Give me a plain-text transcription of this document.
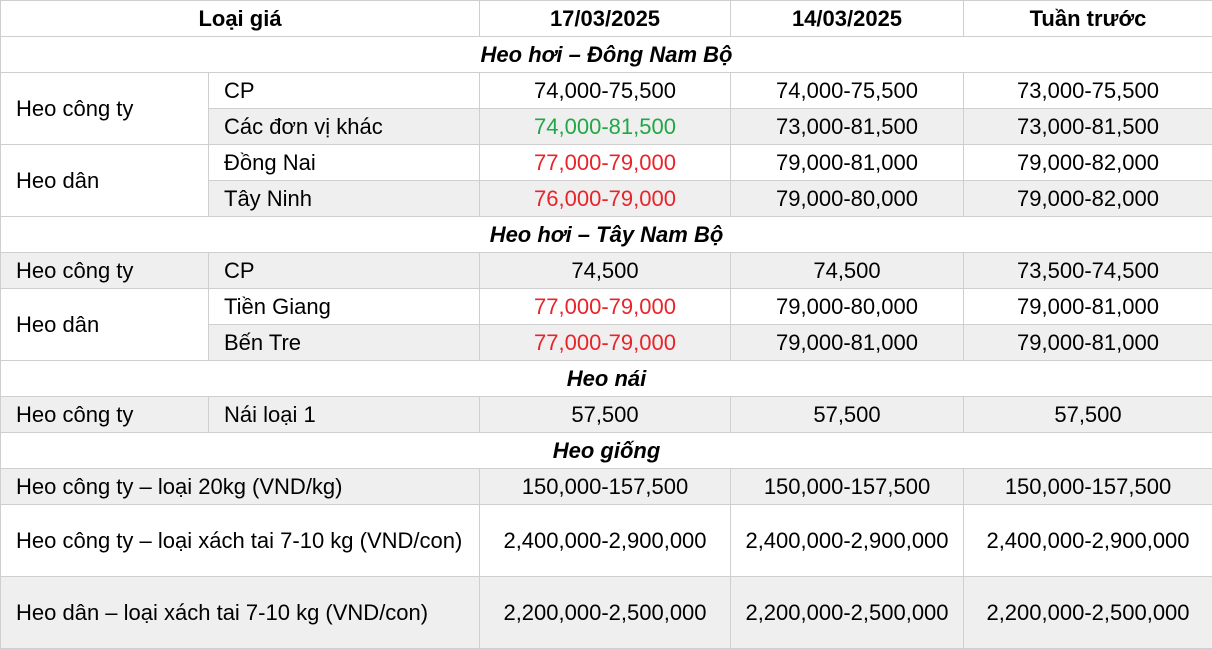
Loại giá		17/03/2025	14/03/2025	Tuần trước
Heo hơi – Đông Nam Bộ				
Heo công ty	CP	74,000-75,500	74,000-75,500	73,000-75,500
	Các đơn vị khác	74,000-81,500	73,000-81,500	73,000-81,500
Heo dân	Đồng Nai	77,000-79,000	79,000-81,000	79,000-82,000
	Tây Ninh	76,000-79,000	79,000-80,000	79,000-82,000
Heo hơi – Tây Nam Bộ				
Heo công ty	CP	74,500	74,500	73,500-74,500
Heo dân	Tiền Giang	77,000-79,000	79,000-80,000	79,000-81,000
	Bến Tre	77,000-79,000	79,000-81,000	79,000-81,000
Heo nái				
Heo công ty	Nái loại 1	57,500	57,500	57,500
Heo giống				
Heo công ty – loại 20kg (VND/kg)		150,000-157,500	150,000-157,500	150,000-157,500
Heo công ty – loại xách tai 7-10 kg (VND/con)		2,400,000-2,900,000	2,400,000-2,900,000	2,400,000-2,900,000
Heo dân – loại xách tai 7-10 kg (VND/con)		2,200,000-2,500,000	2,200,000-2,500,000	2,200,000-2,500,000
